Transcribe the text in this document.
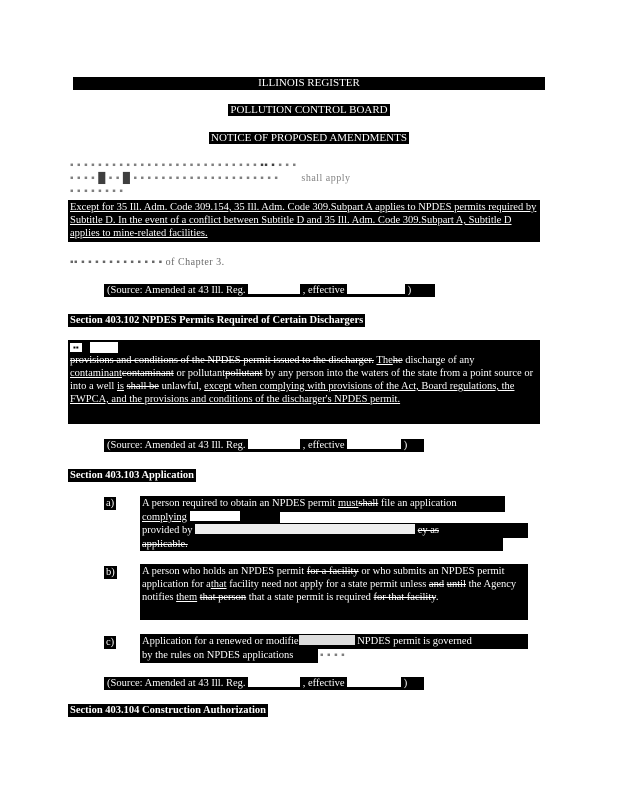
ILLINOIS REGISTER
POLLUTION CONTROL BOARD
NOTICE OF PROPOSED AMENDMENTS
▪ ▪ ▪ ▪ ▪ ▪ ▪ ▪ ▪ ▪ ▪ ▪ ▪ ▪ ▪ ▪ ▪ ▪ ▪ ▪ ▪ ▪ ▪ ▪ ▪ ▪ ▪ ▪▪ ▪ ▪ ▪ ▪
▪ ▪ ▪ ▪ █ ▪ ▪ █ ▪ ▪ ▪ ▪ ▪ ▪ ▪ ▪ ▪ ▪ ▪ ▪ ▪ ▪ ▪ ▪ ▪ ▪ ▪ ▪ ▪ shall apply
▪ ▪ ▪ ▪ ▪ ▪ ▪ ▪
Except for 35 Ill. Adm. Code 309.154, 35 Ill. Adm. Code 309.Subpart A applies to NPDES permits required by Subtitle D. In the event of a conflict between Subtitle D and 35 Ill. Adm. Code 309.Subpart A, Subtitle D applies to mine-related facilities.
▪▪ ▪ ▪ ▪ ▪ ▪ ▪ ▪ ▪ ▪ ▪ ▪ ▪ of Chapter 3.
(Source: Amended at 43 Ill. Reg.	, effective	)
Section 403.102 NPDES Permits Required of Certain Dischargers
▪▪
provisions and conditions of the NPDES permit issued to the discharger. Thehe discharge of any contaminantcontaminant or pollutantpollutant by any person into the waters of the state from a point source or into a well is shall be unlawful, except when complying with provisions of the Act, Board regulations, the FWPCA, and the provisions and conditions of the discharger's NPDES permit.
(Source: Amended at 43 Ill. Reg.	, effective	)
Section 403.103 Application
a)	A person required to obtain an NPDES permit mustshall file an application
complying
provided by	ey as
applicable.
b)	A person who holds an NPDES permit for a facility or who submits an NPDES permit application for athat facility need not apply for a state permit unless and until the Agency notifies them that person that a state permit is required for that facility.
c)	Application for a renewed or modifie	NPDES permit is governed
by the rules on NPDES applications	▪ ▪ ▪ ▪
(Source: Amended at 43 Ill. Reg.	, effective	)
Section 403.104 Construction Authorization
